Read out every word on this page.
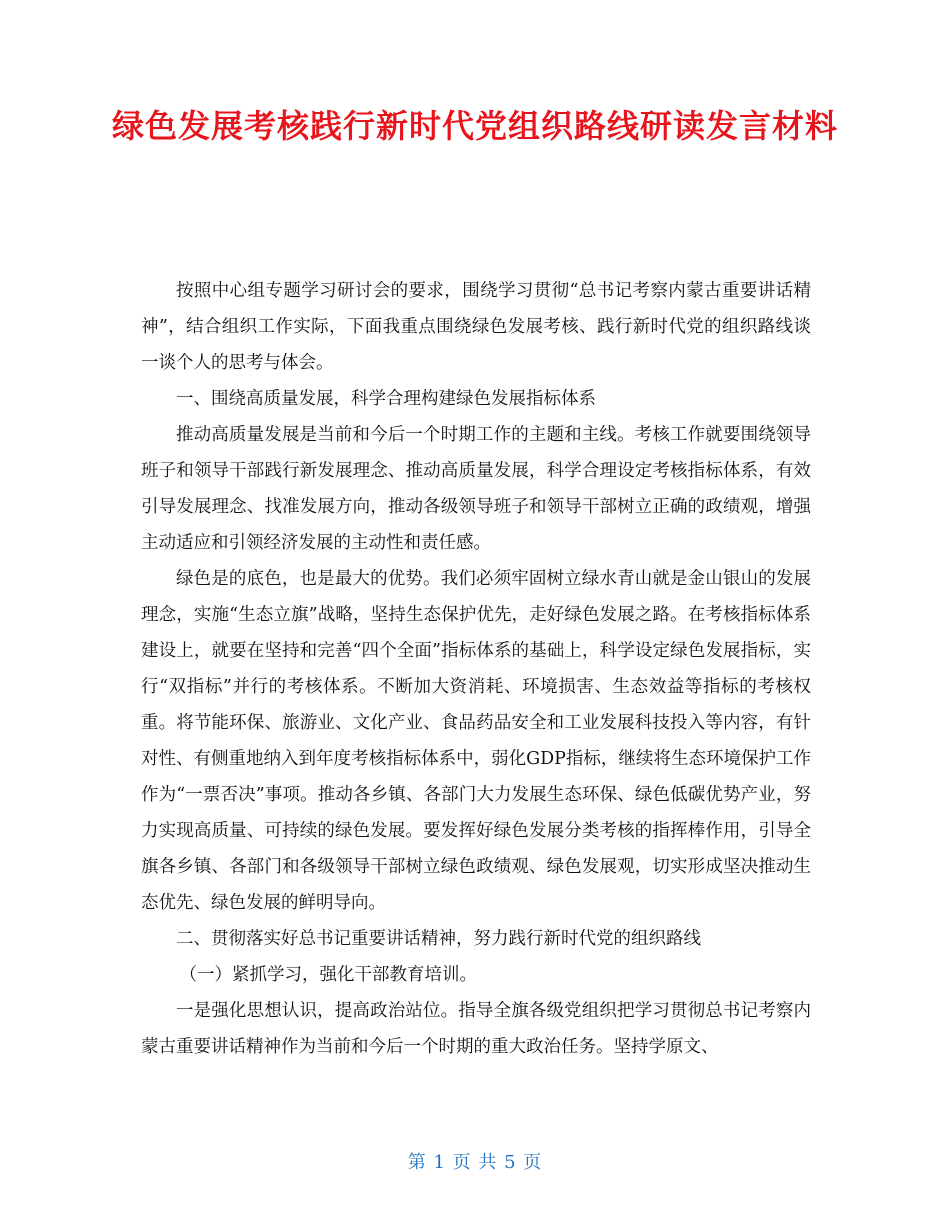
绿色发展考核践行新时代党组织路线研读发言材料

按照中心组专题学习研讨会的要求，围绕学习贯彻“总书记考察内蒙古重要讲话精神”，结合组织工作实际，下面我重点围绕绿色发展考核、践行新时代党的组织路线谈一谈个人的思考与体会。

一、围绕高质量发展，科学合理构建绿色发展指标体系

推动高质量发展是当前和今后一个时期工作的主题和主线。考核工作就要围绕领导班子和领导干部践行新发展理念、推动高质量发展，科学合理设定考核指标体系，有效引导发展理念、找准发展方向，推动各级领导班子和领导干部树立正确的政绩观，增强主动适应和引领经济发展的主动性和责任感。

绿色是的底色，也是最大的优势。我们必须牢固树立绿水青山就是金山银山的发展理念，实施“生态立旗”战略，坚持生态保护优先，走好绿色发展之路。在考核指标体系建设上，就要在坚持和完善“四个全面”指标体系的基础上，科学设定绿色发展指标，实行“双指标”并行的考核体系。不断加大资消耗、环境损害、生态效益等指标的考核权重。将节能环保、旅游业、文化产业、食品药品安全和工业发展科技投入等内容，有针对性、有侧重地纳入到年度考核指标体系中，弱化GDP指标，继续将生态环境保护工作作为“一票否决”事项。推动各乡镇、各部门大力发展生态环保、绿色低碳优势产业，努力实现高质量、可持续的绿色发展。要发挥好绿色发展分类考核的指挥棒作用，引导全旗各乡镇、各部门和各级领导干部树立绿色政绩观、绿色发展观，切实形成坚决推动生态优先、绿色发展的鲜明导向。

二、贯彻落实好总书记重要讲话精神，努力践行新时代党的组织路线

（一）紧抓学习，强化干部教育培训。

一是强化思想认识，提高政治站位。指导全旗各级党组织把学习贯彻总书记考察内蒙古重要讲话精神作为当前和今后一个时期的重大政治任务。坚持学原文、

第 1 页 共 5 页
